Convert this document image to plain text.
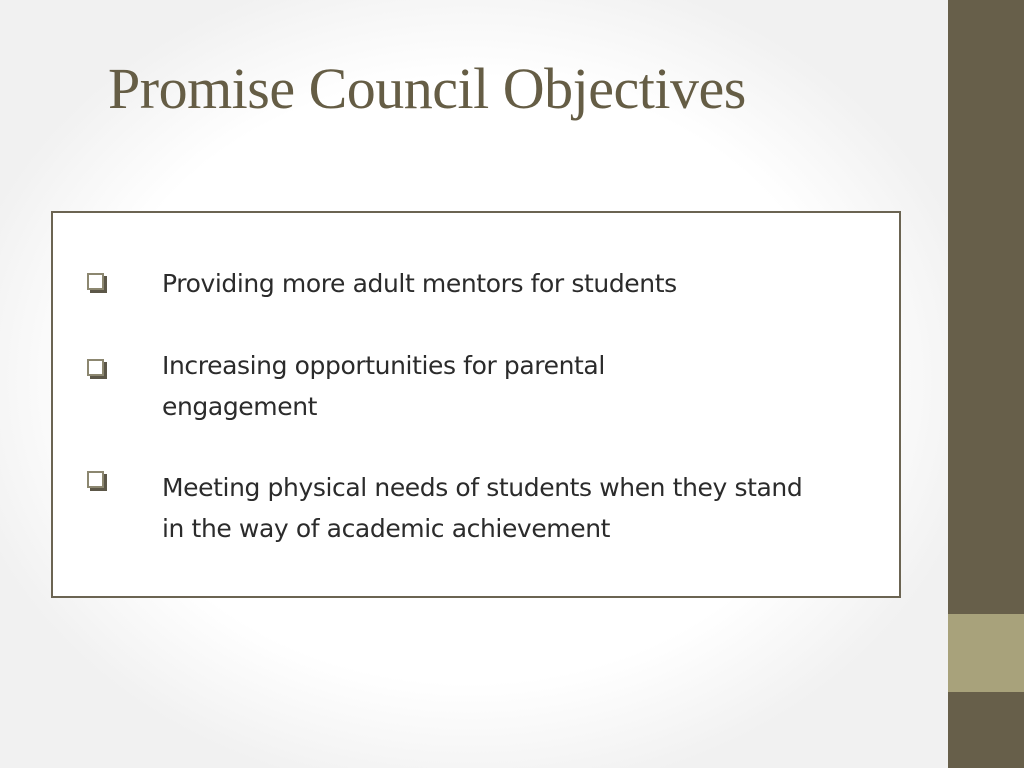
Promise Council Objectives
Providing more adult mentors for students
Increasing opportunities for parental engagement
Meeting physical needs of students when they stand in the way of academic achievement
